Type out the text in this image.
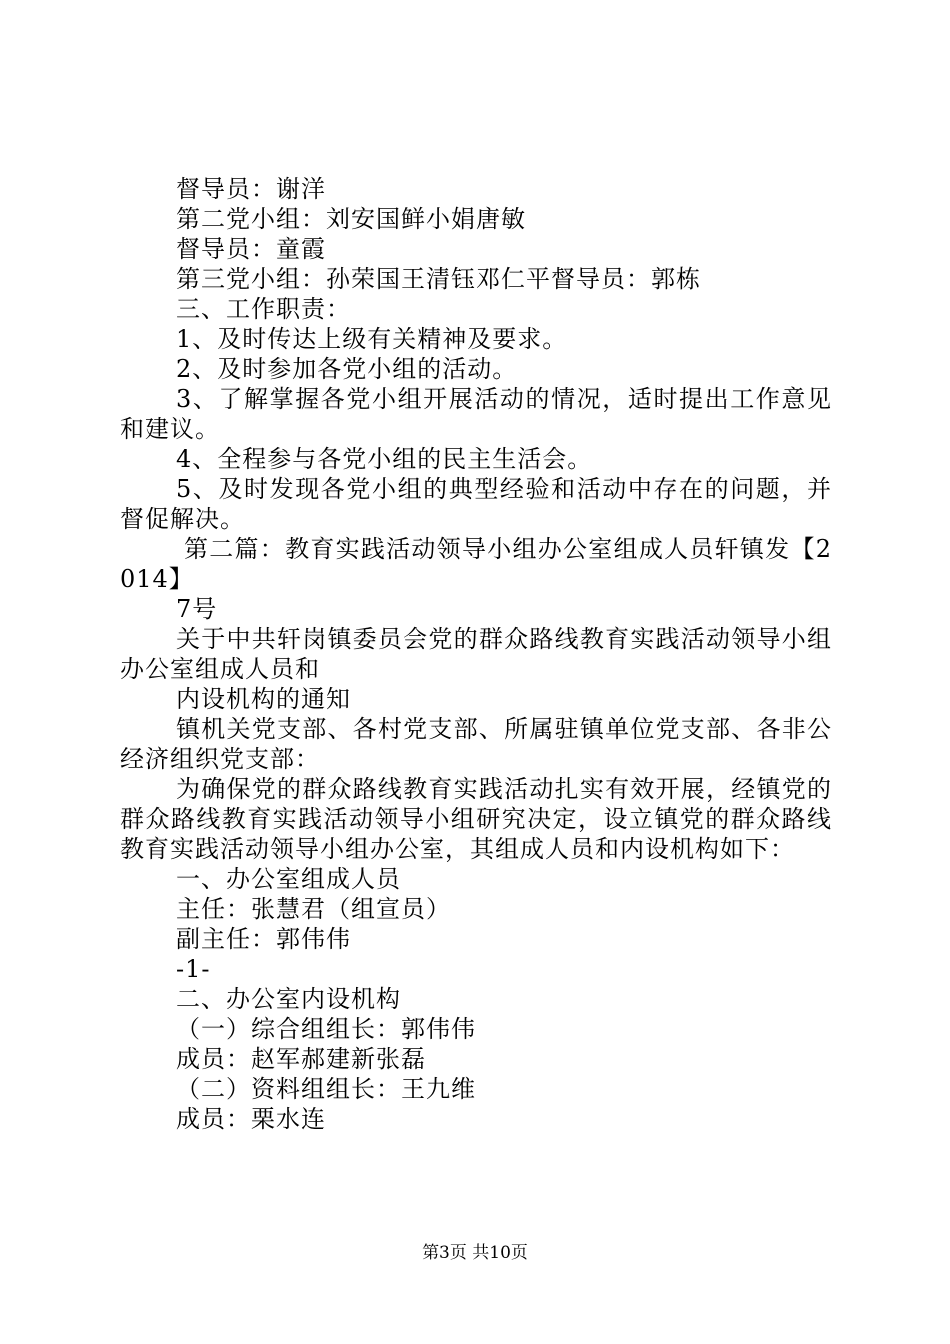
督导员：谢洋

第二党小组：刘安国鲜小娟唐敏

督导员：童霞

第三党小组：孙荣国王清钰邓仁平督导员：郭栋

三、工作职责：

1、及时传达上级有关精神及要求。

2、及时参加各党小组的活动。

3、了解掌握各党小组开展活动的情况，适时提出工作意见和建议。

4、全程参与各党小组的民主生活会。

5、及时发现各党小组的典型经验和活动中存在的问题，并督促解决。

第二篇：教育实践活动领导小组办公室组成人员轩镇发【2014】

7号

关于中共轩岗镇委员会党的群众路线教育实践活动领导小组办公室组成人员和

内设机构的通知

镇机关党支部、各村党支部、所属驻镇单位党支部、各非公经济组织党支部：

为确保党的群众路线教育实践活动扎实有效开展，经镇党的群众路线教育实践活动领导小组研究决定，设立镇党的群众路线教育实践活动领导小组办公室，其组成人员和内设机构如下：

一、办公室组成人员

主任：张慧君（组宣员）

副主任：郭伟伟

-1-

二、办公室内设机构

（一）综合组组长：郭伟伟

成员：赵军郝建新张磊

（二）资料组组长：王九维

成员：栗水连

第3页 共10页
